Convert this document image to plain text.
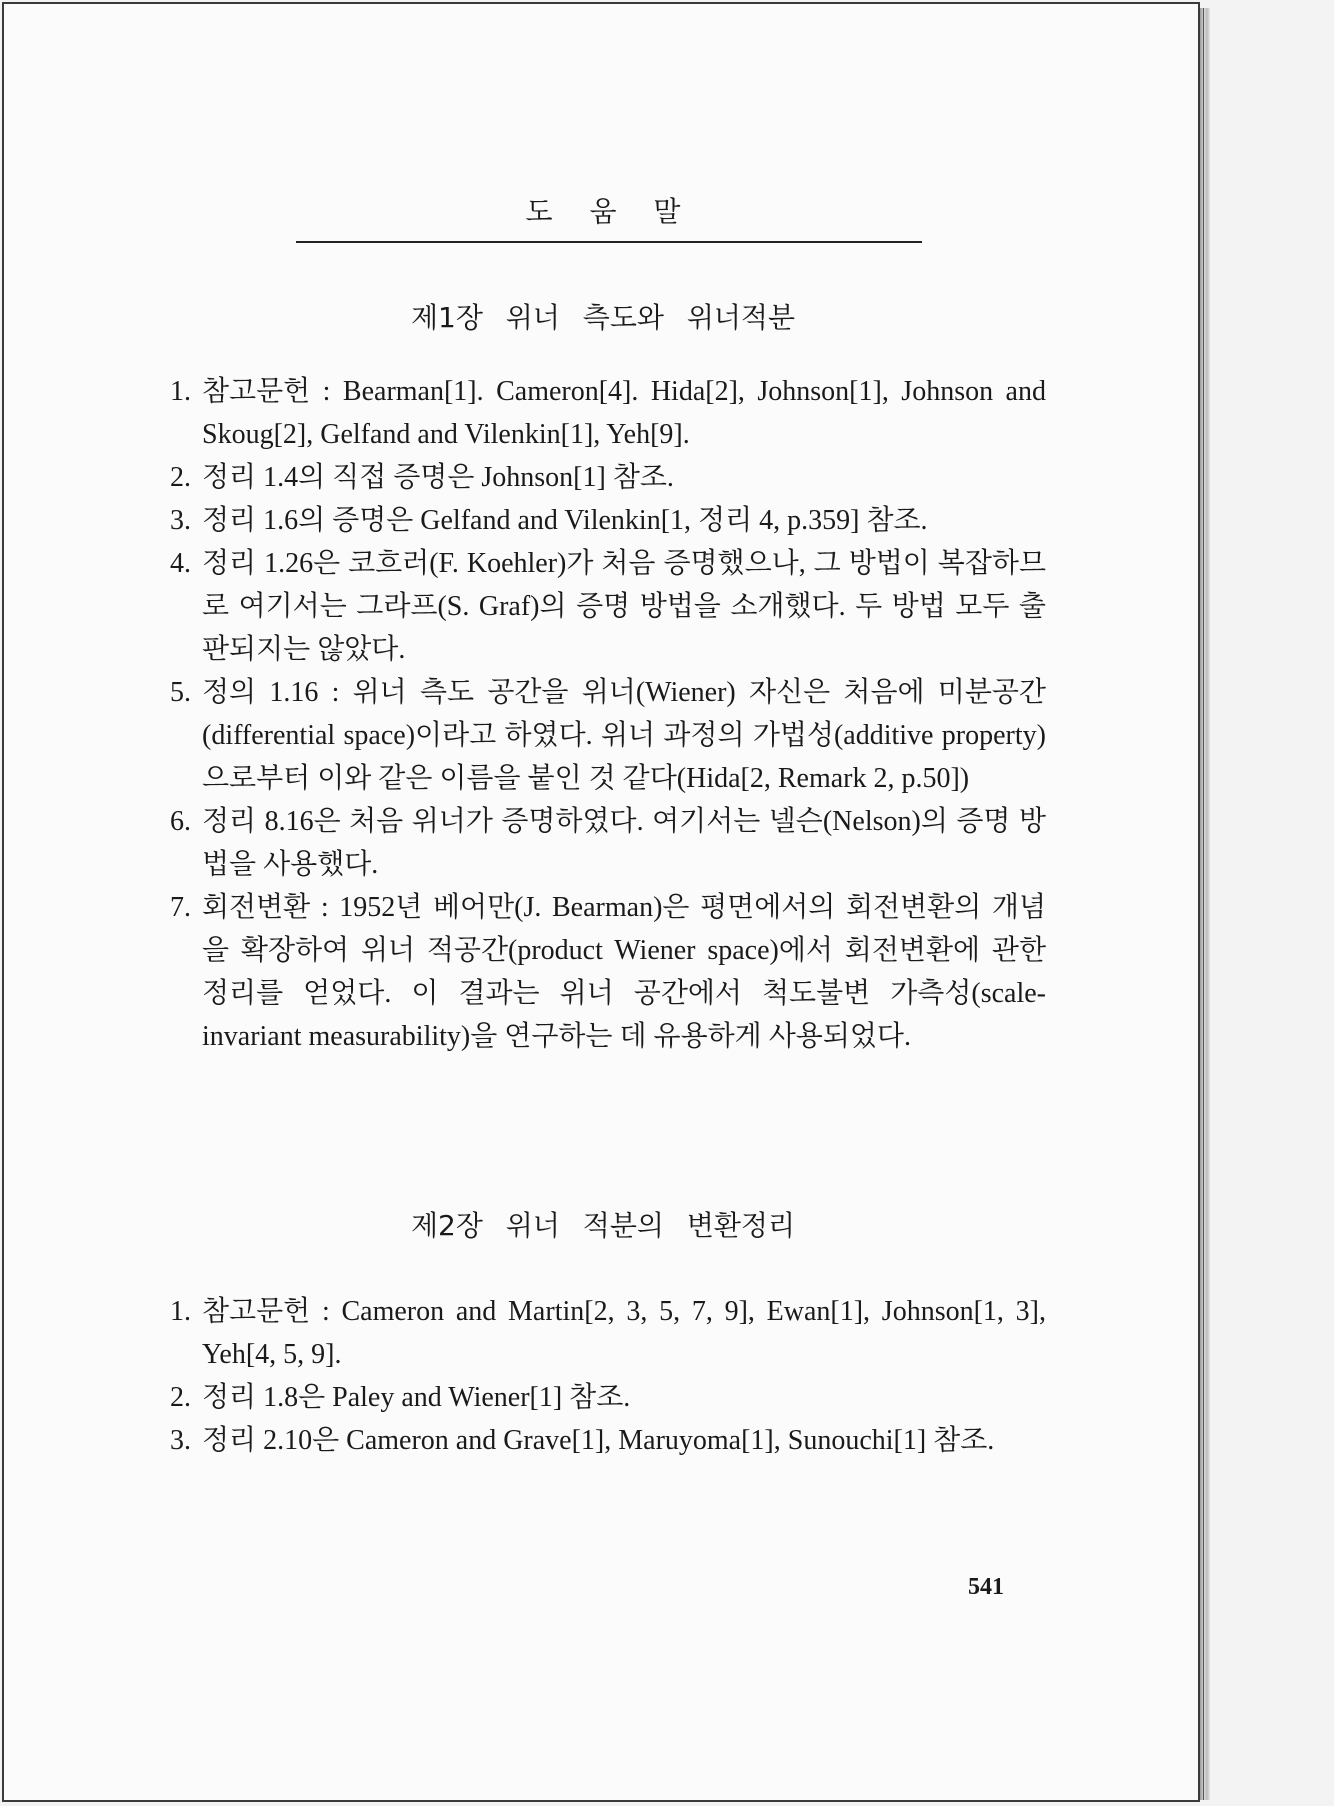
도 움 말
제1장 위너 측도와 위너적분
1. 참고문헌 : Bearman[1]. Cameron[4]. Hida[2], Johnson[1], Johnson and Skoug[2], Gelfand and Vilenkin[1], Yeh[9].
2. 정리 1.4의 직접 증명은 Johnson[1] 참조.
3. 정리 1.6의 증명은 Gelfand and Vilenkin[1, 정리 4, p.359] 참조.
4. 정리 1.26은 코흐러(F. Koehler)가 처음 증명했으나, 그 방법이 복잡하므로 여기서는 그라프(S. Graf)의 증명 방법을 소개했다. 두 방법 모두 출판되지는 않았다.
5. 정의 1.16 : 위너 측도 공간을 위너(Wiener) 자신은 처음에 미분공간(differential space)이라고 하였다. 위너 과정의 가법성(additive property)으로부터 이와 같은 이름을 붙인 것 같다(Hida[2, Remark 2, p.50])
6. 정리 8.16은 처음 위너가 증명하였다. 여기서는 넬슨(Nelson)의 증명 방법을 사용했다.
7. 회전변환 : 1952년 베어만(J. Bearman)은 평면에서의 회전변환의 개념을 확장하여 위너 적공간(product Wiener space)에서 회전변환에 관한 정리를 얻었다. 이 결과는 위너 공간에서 척도불변 가측성(scale-invariant measurability)을 연구하는 데 유용하게 사용되었다.
제2장 위너 적분의 변환정리
1. 참고문헌 : Cameron and Martin[2, 3, 5, 7, 9], Ewan[1], Johnson[1, 3], Yeh[4, 5, 9].
2. 정리 1.8은 Paley and Wiener[1] 참조.
3. 정리 2.10은 Cameron and Grave[1], Maruyoma[1], Sunouchi[1] 참조.
541
